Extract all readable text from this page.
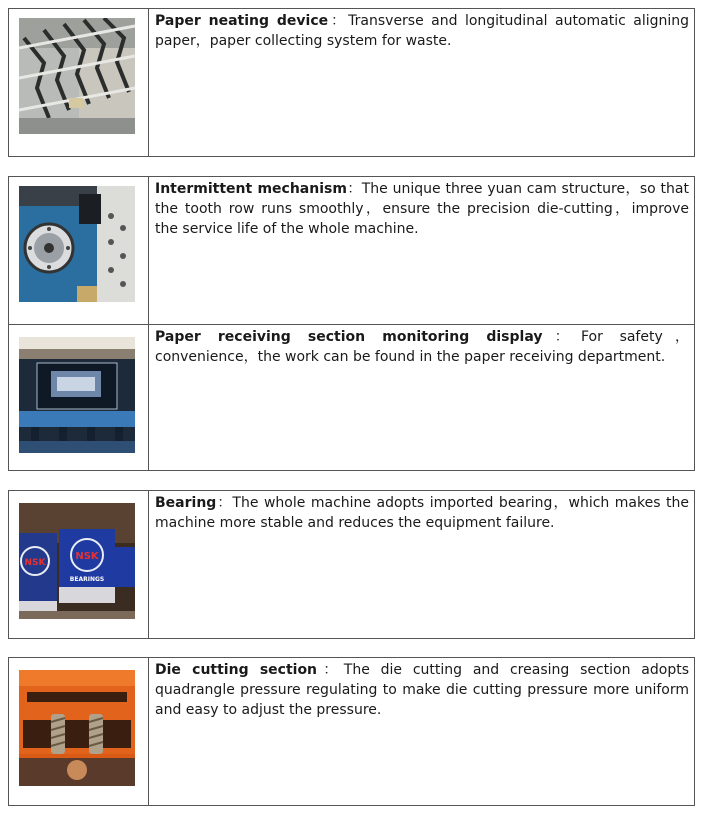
	Paper neating device：Transverse and longitudinal automatic aligning paper，paper collecting system for waste.
	Intermittent mechanism：The unique three yuan cam structure，so that the tooth row runs smoothly，ensure the precision die-cutting，improve the service life of the whole machine.

	Paper receiving section monitoring display：For safety，convenience，the work can be found in the paper receiving department.
NSK
NSK
BEARINGS
	Bearing：The whole machine adopts imported bearing，which makes the machine more stable and reduces the equipment failure.
	Die cutting section：The die cutting and creasing section adopts quadrangle pressure regulating to make die cutting pressure more uniform and easy to adjust the pressure.
